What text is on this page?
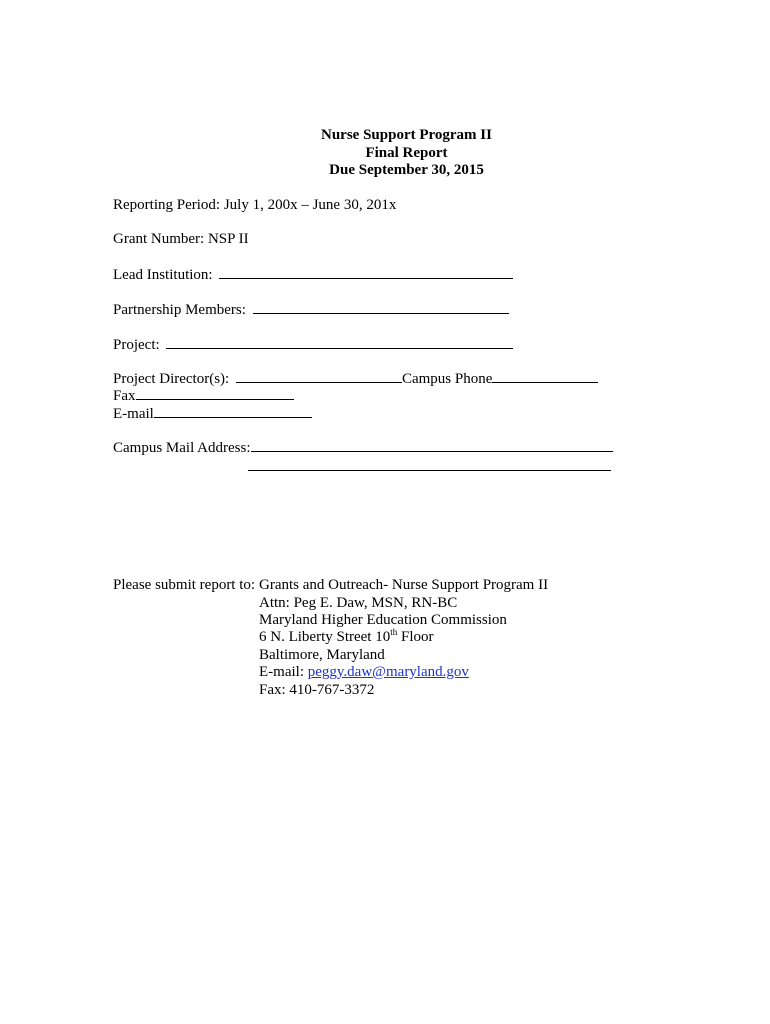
Nurse Support Program II
Final Report
Due September 30, 2015
Reporting Period: July 1, 200x – June 30, 201x
Grant Number: NSP II
Lead Institution:
Partnership Members:
Project:
Project Director(s):	Campus Phone
Fax
E-mail
Campus Mail Address:
Please submit report to: Grants and Outreach- Nurse Support Program II
Attn: Peg E. Daw, MSN, RN-BC
Maryland Higher Education Commission
6 N. Liberty Street 10th Floor
Baltimore, Maryland
E-mail: peggy.daw@maryland.gov
Fax: 410-767-3372
